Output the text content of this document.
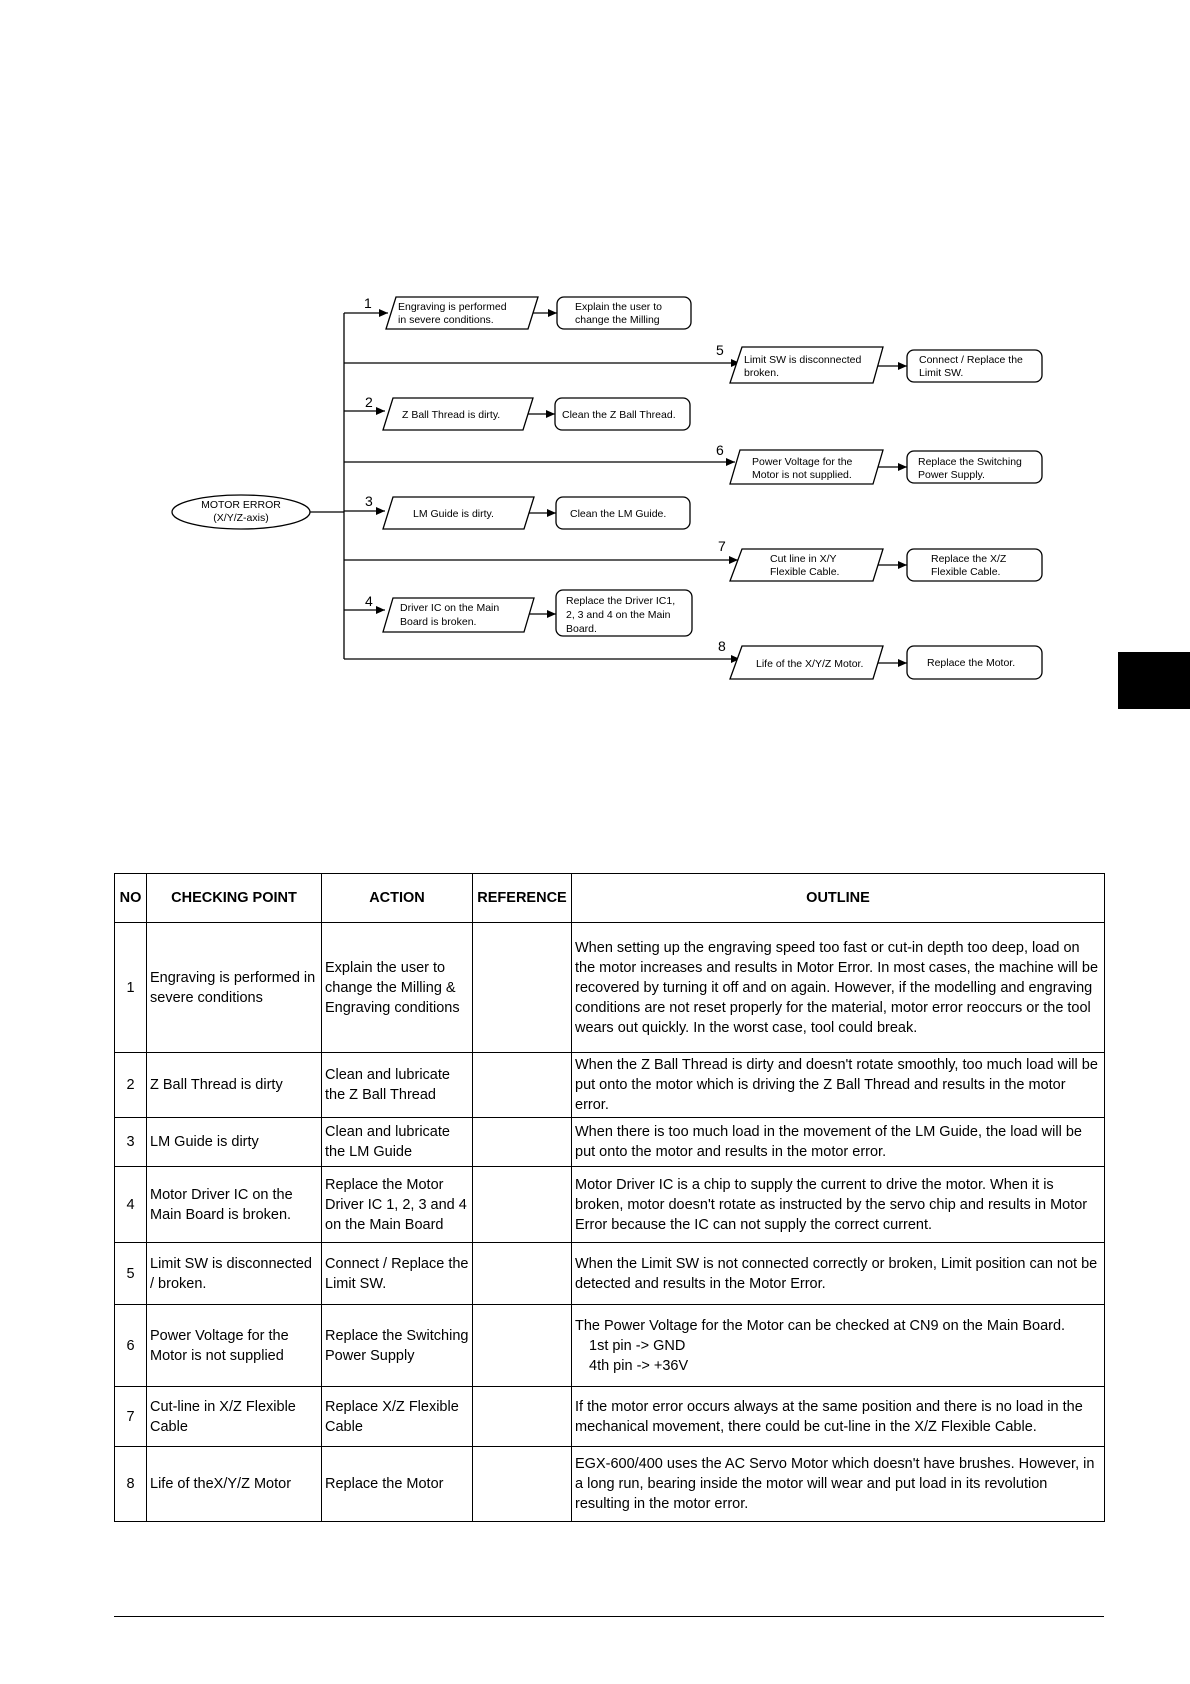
MOTOR ERROR
(X/Y/Z-axis)
1 Engraving is performed
in severe conditions.
Explain the user to
change the Milling
5
Limit SW is disconnected
broken.
Connect / Replace the
Limit SW.
2
Z Ball Thread is dirty.	Clean the Z Ball Thread.
6
Power Voltage for the
Motor is not supplied.
Replace the Switching
Power Supply.
3
LM Guide is dirty.	Clean the LM Guide.
7
Cut line in X/Y
Flexible Cable.
Replace the X/Z
Flexible Cable.
4	Driver IC on the Main
Board is broken.
Replace the Driver IC1,
2, 3 and 4 on the Main
Board.
8
Life of the X/Y/Z Motor.	Replace the Motor.
NO	CHECKING POINT	ACTION	REFERENCE	OUTLINE
1	Engraving is performed in severe conditions	Explain the user to change the Milling & Engraving conditions		When setting up the engraving speed too fast or cut-in depth too deep, load on the motor increases and results in Motor Error. In most cases, the machine will be recovered by turning it off and on again. However, if the modelling and engraving conditions are not reset properly for the material, motor error reoccurs or the tool wears out quickly. In the worst case, tool could break.
2	Z Ball Thread is dirty	Clean and lubricate the Z Ball Thread		When the Z Ball Thread is dirty and doesn't rotate smoothly, too much load will be put onto the motor which is driving the Z Ball Thread and results in the motor error.
3	LM Guide is dirty	Clean and lubricate the LM Guide		When there is too much load in the movement of the LM Guide, the load will be put onto the motor and results in the motor error.
4	Motor Driver IC on the Main Board is broken.	Replace the Motor Driver IC 1, 2, 3 and 4 on the Main Board		Motor Driver IC is a chip to supply the current to drive the motor. When it is broken, motor doesn't rotate as instructed by the servo chip and results in Motor Error because the IC can not supply the correct current.
5	Limit SW is disconnected / broken.	Connect / Replace the Limit SW.		When the Limit SW is not connected correctly or broken, Limit position can not be detected and results in the Motor Error.
6	Power Voltage for the Motor is not supplied	Replace the Switching Power Supply		The Power Voltage for the Motor can be checked at CN9 on the Main Board.
1st pin -> GND
4th pin -> +36V

7	Cut-line in X/Z Flexible Cable	Replace X/Z Flexible Cable		If the motor error occurs always at the same position and there is no load in the mechanical movement, there could be cut-line in the X/Z Flexible Cable.
8	Life of theX/Y/Z Motor	Replace the Motor		EGX-600/400 uses the AC Servo Motor which doesn't have brushes. However, in a long run, bearing inside the motor will wear and put load in its revolution resulting in the motor error.
